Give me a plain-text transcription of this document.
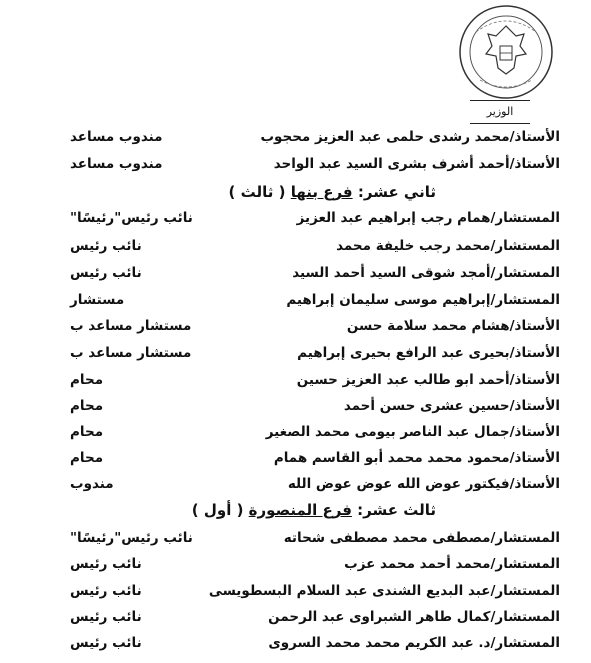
الوزير
الأستاذ/محمد رشدى حلمى عبد العزيز محجوب
مندوب مساعد
الأستاذ/أحمد أشرف بشرى السيد عبد الواحد
مندوب مساعد
ثاني عشر: فرع بنها ( ثالث )
المستشار/همام رجب إبراهيم عبد العزيز
نائب رئيس"رئيسًا"
المستشار/محمد رجب خليفة محمد
نائب رئيس
المستشار/أمجد شوقى السيد أحمد السيد
نائب رئيس
المستشار/إبراهيم موسى سليمان إبراهيم
مستشار
الأستاذ/هشام محمد سلامة حسن
مستشار مساعد ب
الأستاذ/بحيرى عبد الرافع بحيرى إبراهيم
مستشار مساعد ب
الأستاذ/أحمد ابو طالب عبد العزيز حسين
محام
الأستاذ/حسين عشرى حسن أحمد
محام
الأستاذ/جمال عبد الناصر بيومى محمد الصغير
محام
الأستاذ/محمود محمد محمد أبو القاسم همام
محام
الأستاذ/فيكتور عوض الله عوض عوض الله
مندوب
ثالث عشر: فرع المنصورة ( أول )
المستشار/مصطفى محمد مصطفى شحاته
نائب رئيس"رئيسًا"
المستشار/محمد أحمد محمد عزب
نائب رئيس
المستشار/عبد البديع الشندى عبد السلام البسطويسى
نائب رئيس
المستشار/كمال طاهر الشبراوى عبد الرحمن
نائب رئيس
المستشار/د. عبد الكريم محمد محمد السروى
نائب رئيس
